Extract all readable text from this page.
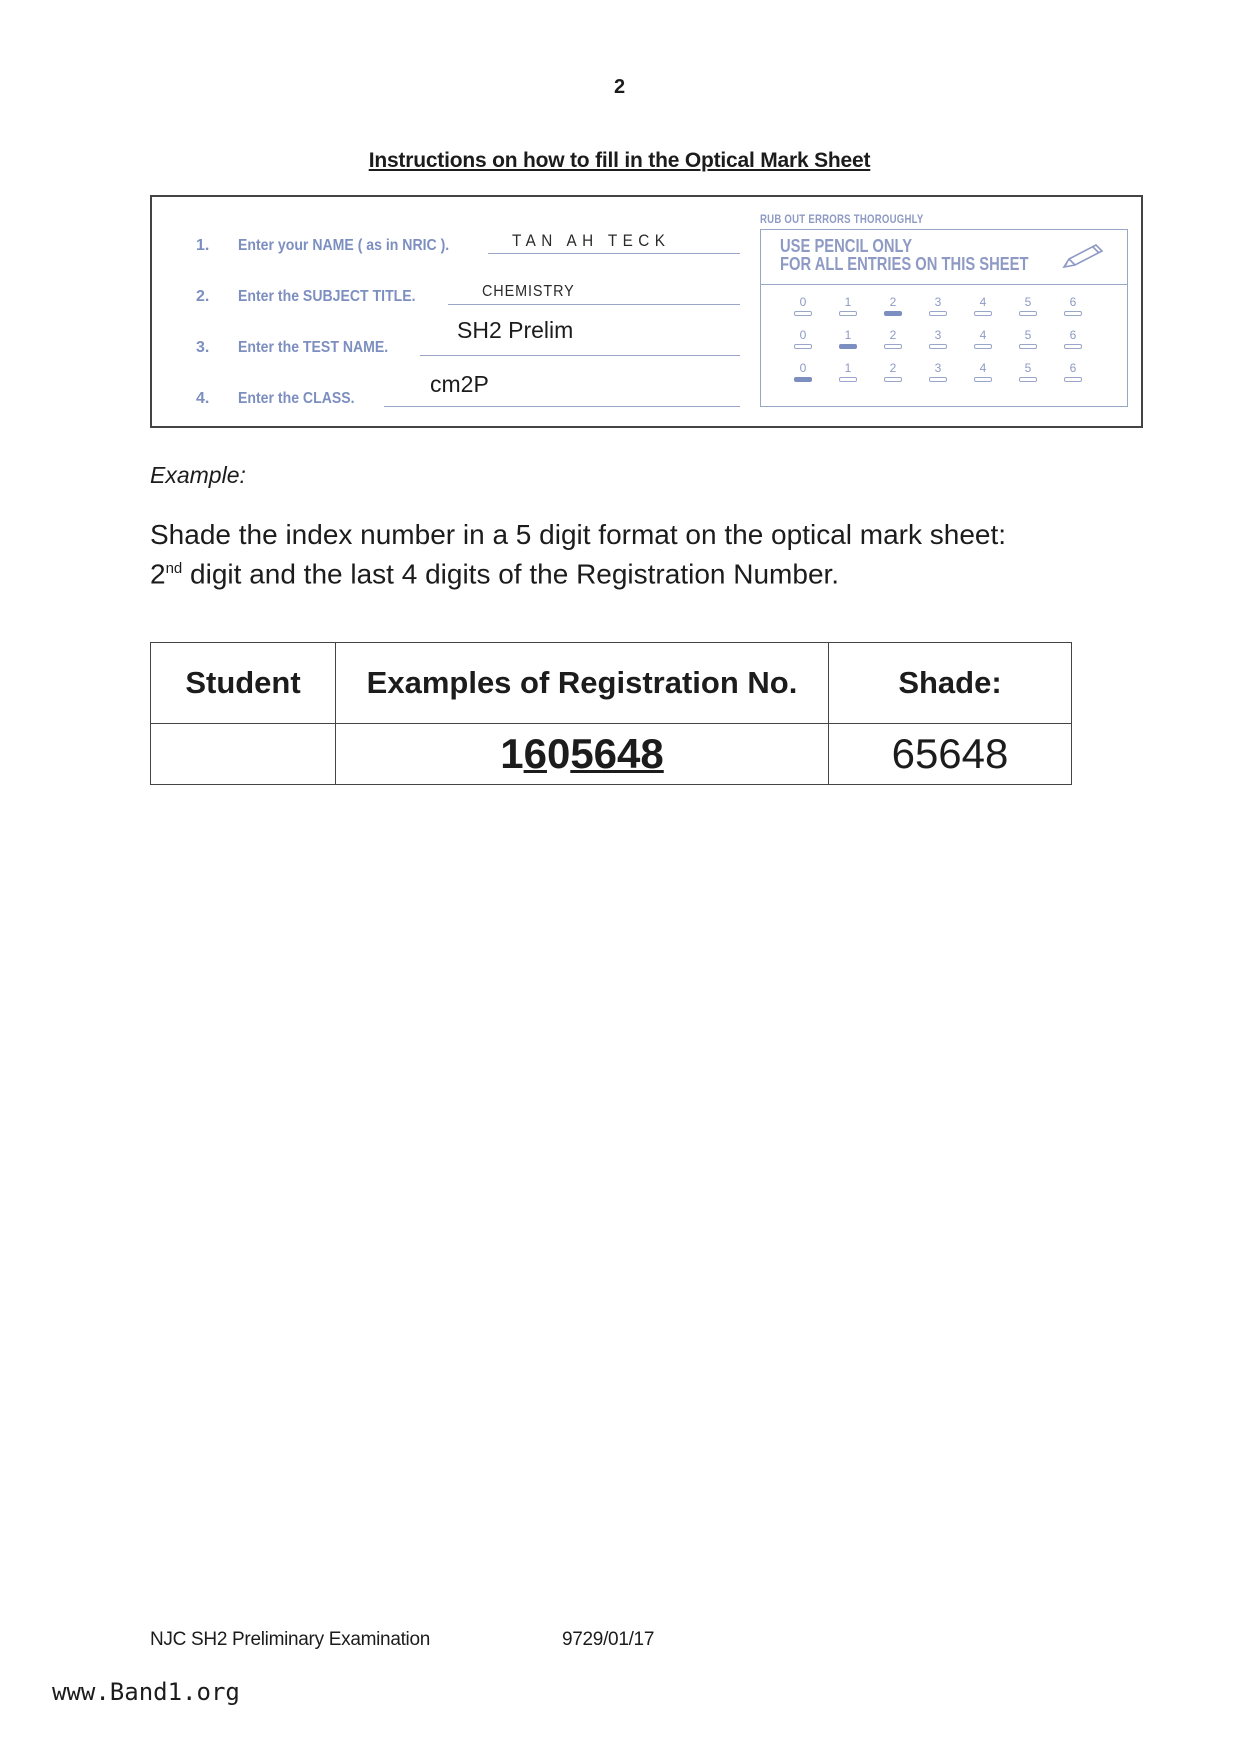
2
Instructions on how to fill in the Optical Mark Sheet
1. Enter your NAME ( as in NRIC ).	TAN AH TECK
2. Enter the SUBJECT TITLE.	CHEMISTRY
3. Enter the TEST NAME.
SH2 Prelim
4. Enter the CLASS.
cm2P
RUB OUT ERRORS THOROUGHLY
USE PENCIL ONLY
FOR ALL ENTRIES ON THIS SHEET
0	1	2	3	4	5	6
0	1	2	3	4	5	6
0	1	2	3	4	5	6
Example:
Shade the index number in a 5 digit format on the optical mark sheet:
2nd digit and the last 4 digits of the Registration Number.
Student	Examples of Registration No.	Shade:
	1605648	65648
NJC SH2 Preliminary Examination	9729/01/17
www.Band1.org
